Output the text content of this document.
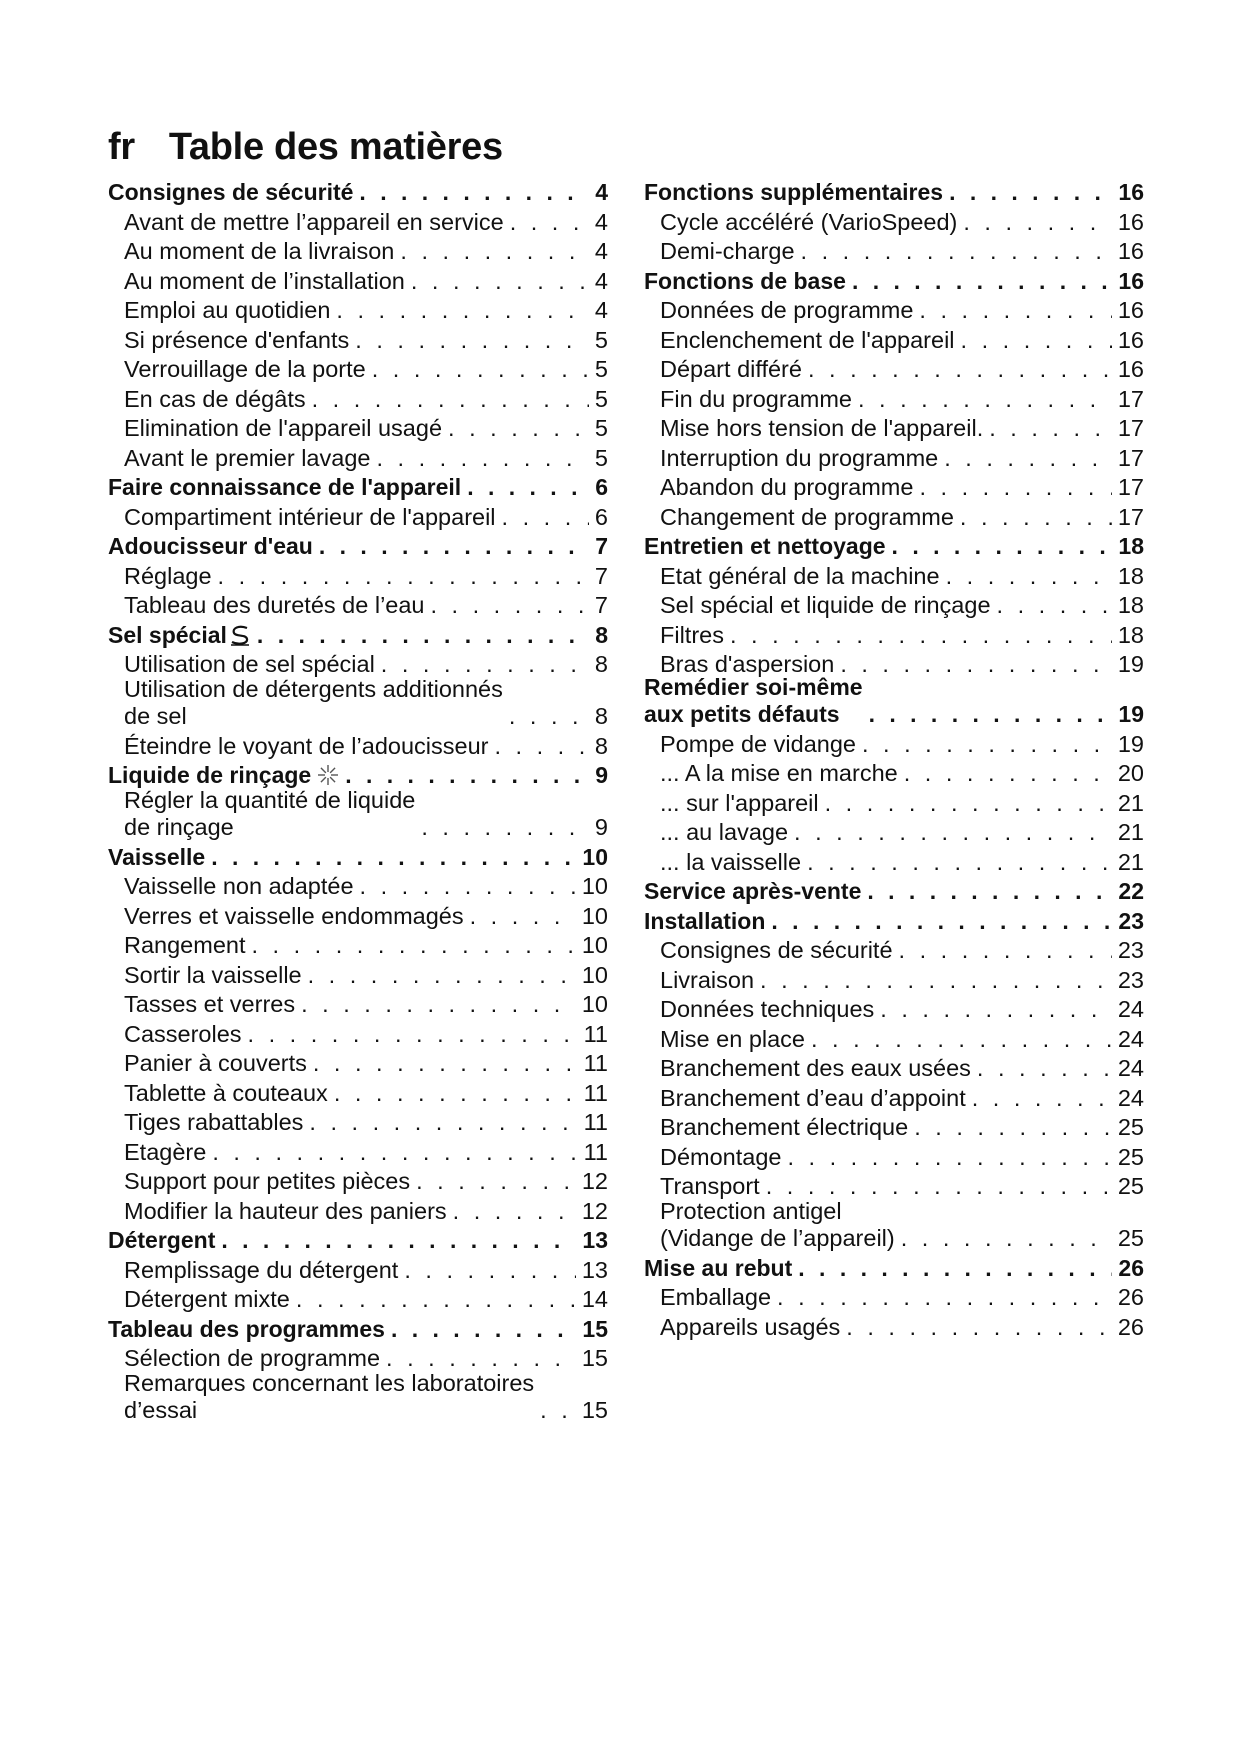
fr Table des matières
Consignes de sécurité . . .	4
Avant de mettre l’appareil en service . . .	4
Au moment de la livraison . . .	4
Au moment de l’installation . . .	4
Emploi au quotidien . . .	4
Si présence d'enfants . . .	5
Verrouillage de la porte . . .	5
En cas de dégâts . . .	5
Elimination de l'appareil usagé . . .	5
Avant le premier lavage . . .	5
Faire connaissance de l'appareil . . .	6
Compartiment intérieur de l'appareil . . .	6
Adoucisseur d'eau . . .	7
Réglage . . .	7
Tableau des duretés de l’eau . . .	7
Sel spécial . . .	8
Utilisation de sel spécial . . .	8
Utilisation de détergents additionnés
de sel . . .	8
Éteindre le voyant de l’adoucisseur . . .	8
Liquide de rinçage . . .	9
Régler la quantité de liquide
de rinçage . . .	9
Vaisselle . . .	10
Vaisselle non adaptée . . .	10
Verres et vaisselle endommagés . . .	10
Rangement . . .	10
Sortir la vaisselle . . .	10
Tasses et verres . . .	10
Casseroles . . .	11
Panier à couverts . . .	11
Tablette à couteaux . . .	11
Tiges rabattables . . .	11
Etagère . . .	11
Support pour petites pièces . . .	12
Modifier la hauteur des paniers . . .	12
Détergent . . .	13
Remplissage du détergent . . .	13
Détergent mixte . . .	14
Tableau des programmes . . .	15
Sélection de programme . . .	15
Remarques concernant les laboratoires
d’essai . . .	15
Fonctions supplémentaires . . .	16
Cycle accéléré (VarioSpeed) . . .	16
Demi-charge . . .	16
Fonctions de base . . .	16
Données de programme . . .	16
Enclenchement de l'appareil . . .	16
Départ différé . . .	16
Fin du programme . . .	17
Mise hors tension de l'appareil. . . .	17
Interruption du programme . . .	17
Abandon du programme . . .	17
Changement de programme . . .	17
Entretien et nettoyage . . .	18
Etat général de la machine . . .	18
Sel spécial et liquide de rinçage . . .	18
Filtres . . .	18
Bras d'aspersion . . .	19
Remédier soi-même
aux petits défauts . . .	19
Pompe de vidange . . .	19
... A la mise en marche . . .	20
... sur l'appareil . . .	21
... au lavage . . .	21
... la vaisselle . . .	21
Service après-vente . . .	22
Installation . . .	23
Consignes de sécurité . . .	23
Livraison . . .	23
Données techniques . . .	24
Mise en place . . .	24
Branchement des eaux usées . . .	24
Branchement d’eau d’appoint . . .	24
Branchement électrique . . .	25
Démontage . . .	25
Transport . . .	25
Protection antigel
(Vidange de l’appareil) . . .	25
Mise au rebut . . .	26
Emballage . . .	26
Appareils usagés . . .	26
